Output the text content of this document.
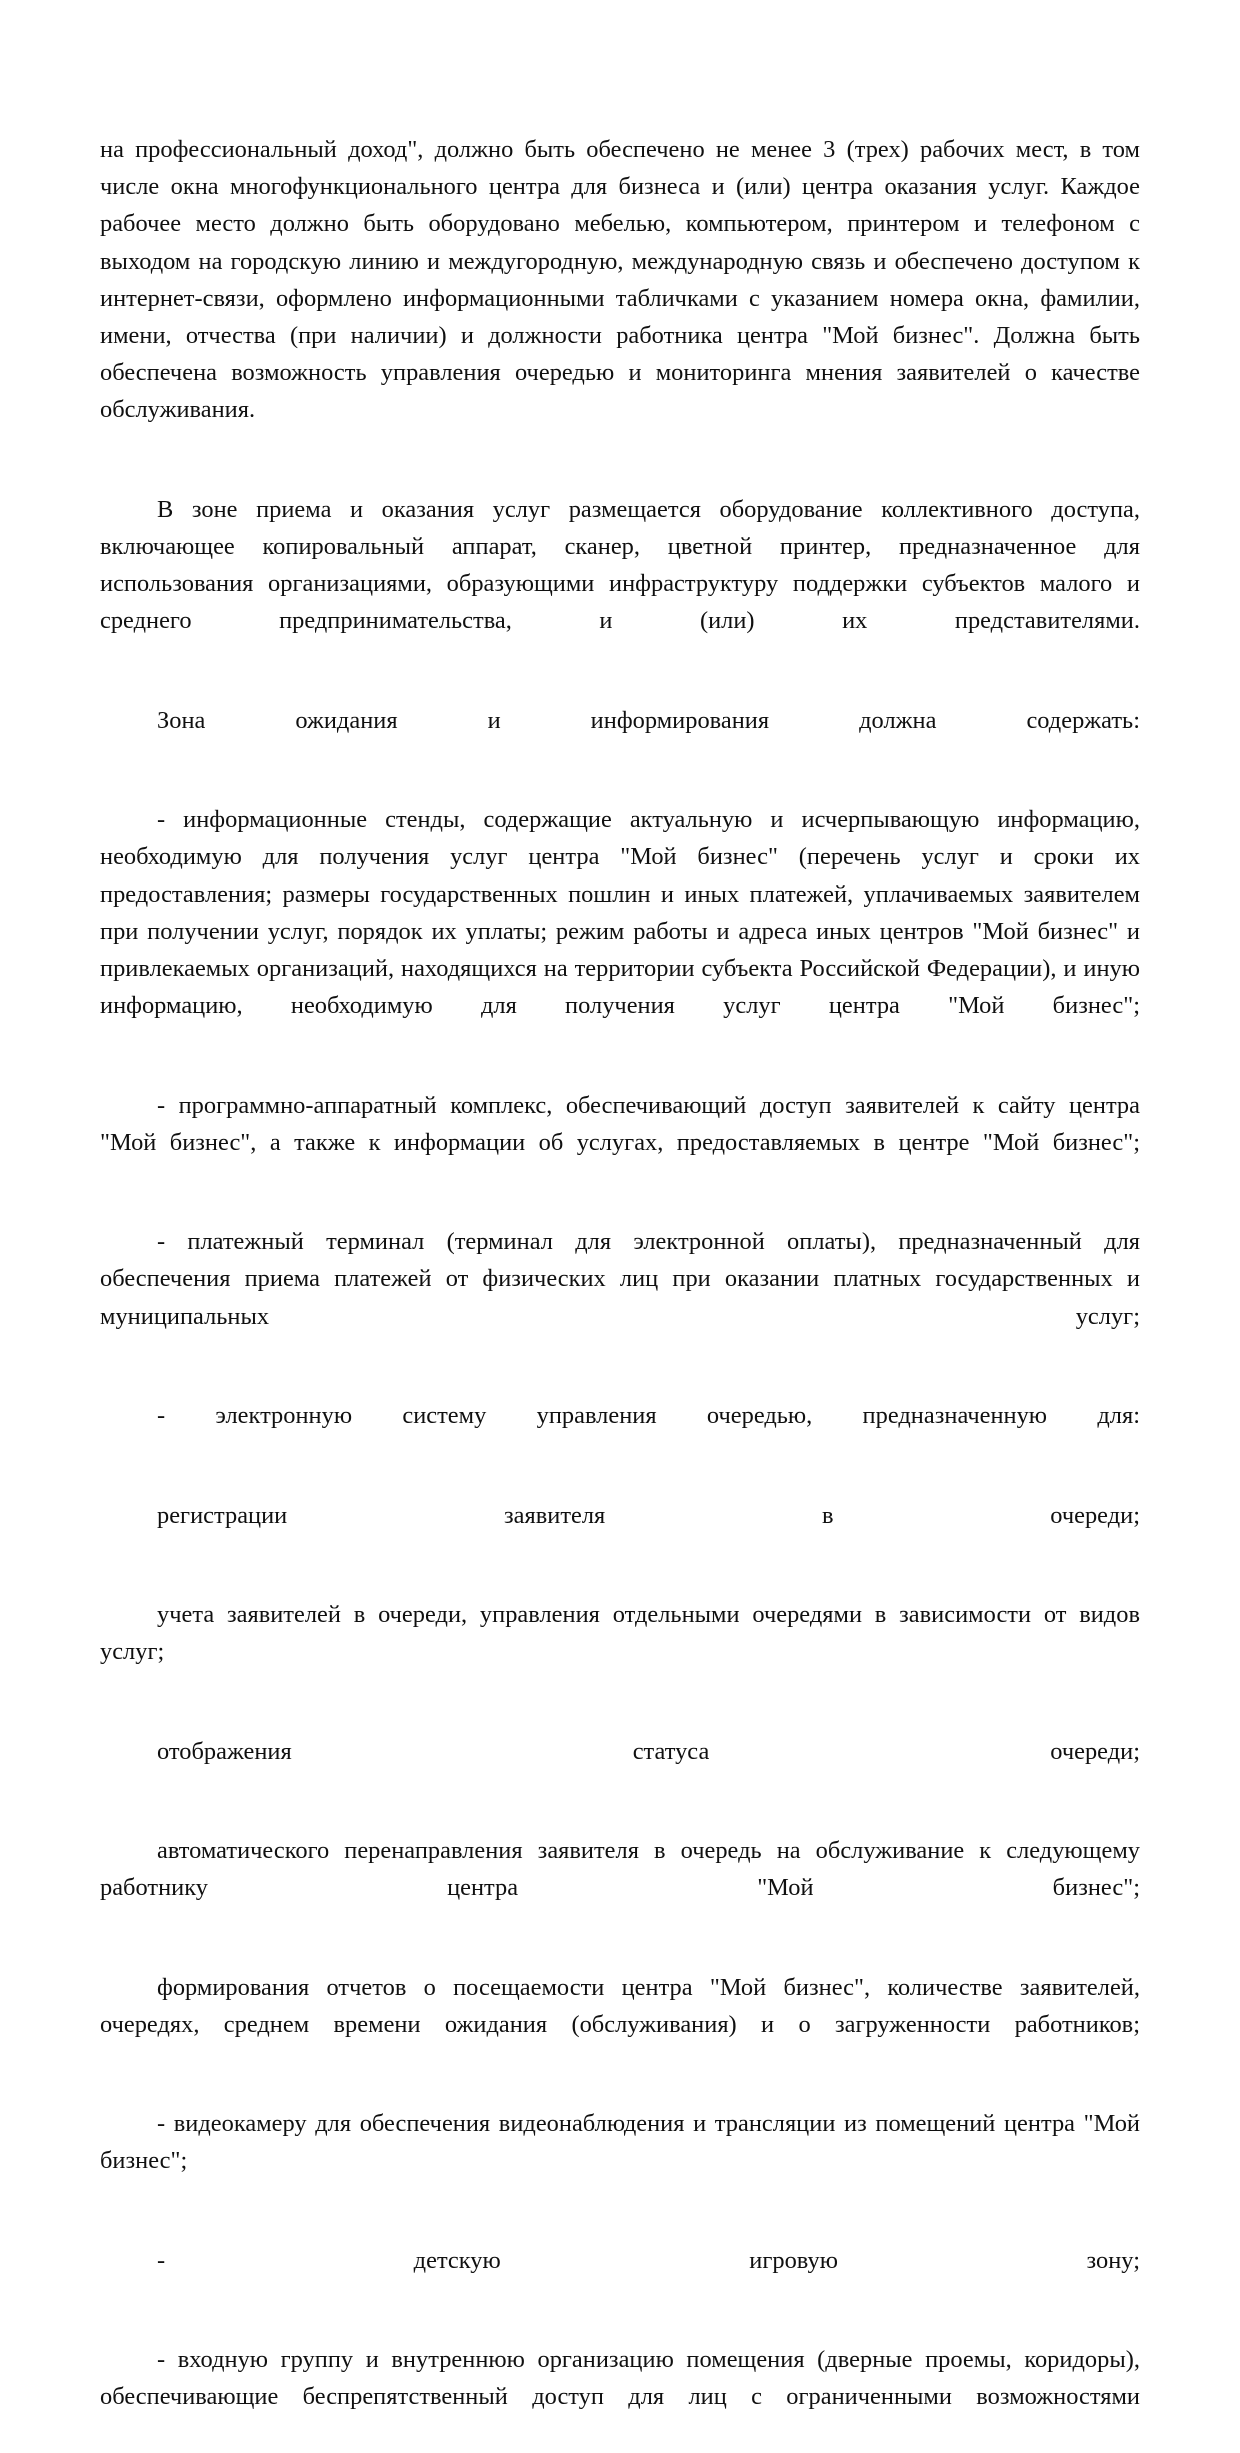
на профессиональный доход", должно быть обеспечено не менее 3 (трех) рабочих мест, в том числе окна многофункционального центра для бизнеса и (или) центра оказания услуг. Каждое рабочее место должно быть оборудовано мебелью, компьютером, принтером и телефоном с выходом на городскую линию и междугородную, международную связь и обеспечено доступом к интернет-связи, оформлено информационными табличками с указанием номера окна, фамилии, имени, отчества (при наличии) и должности работника центра "Мой бизнес". Должна быть обеспечена возможность управления очередью и мониторинга мнения заявителей о качестве обслуживания.

В зоне приема и оказания услуг размещается оборудование коллективного доступа, включающее копировальный аппарат, сканер, цветной принтер, предназначенное для использования организациями, образующими инфраструктуру поддержки субъектов малого и среднего предпринимательства, и (или) их представителями.

Зона ожидания и информирования должна содержать:

- информационные стенды, содержащие актуальную и исчерпывающую информацию, необходимую для получения услуг центра "Мой бизнес" (перечень услуг и сроки их предоставления; размеры государственных пошлин и иных платежей, уплачиваемых заявителем при получении услуг, порядок их уплаты; режим работы и адреса иных центров "Мой бизнес" и привлекаемых организаций, находящихся на территории субъекта Российской Федерации), и иную информацию, необходимую для получения услуг центра "Мой бизнес";

- программно-аппаратный комплекс, обеспечивающий доступ заявителей к сайту центра "Мой бизнес", а также к информации об услугах, предоставляемых в центре "Мой бизнес";

- платежный терминал (терминал для электронной оплаты), предназначенный для обеспечения приема платежей от физических лиц при оказании платных государственных и муниципальных услуг;

- электронную систему управления очередью, предназначенную для:

регистрации заявителя в очереди;

учета заявителей в очереди, управления отдельными очередями в зависимости от видов услуг;

отображения статуса очереди;

автоматического перенаправления заявителя в очередь на обслуживание к следующему работнику центра "Мой бизнес";

формирования отчетов о посещаемости центра "Мой бизнес", количестве заявителей, очередях, среднем времени ожидания (обслуживания) и о загруженности работников;

- видеокамеру для обеспечения видеонаблюдения и трансляции из помещений центра "Мой бизнес";

- детскую игровую зону;

- входную группу и внутреннюю организацию помещения (дверные проемы, коридоры), обеспечивающие беспрепятственный доступ для лиц с ограниченными возможностями
